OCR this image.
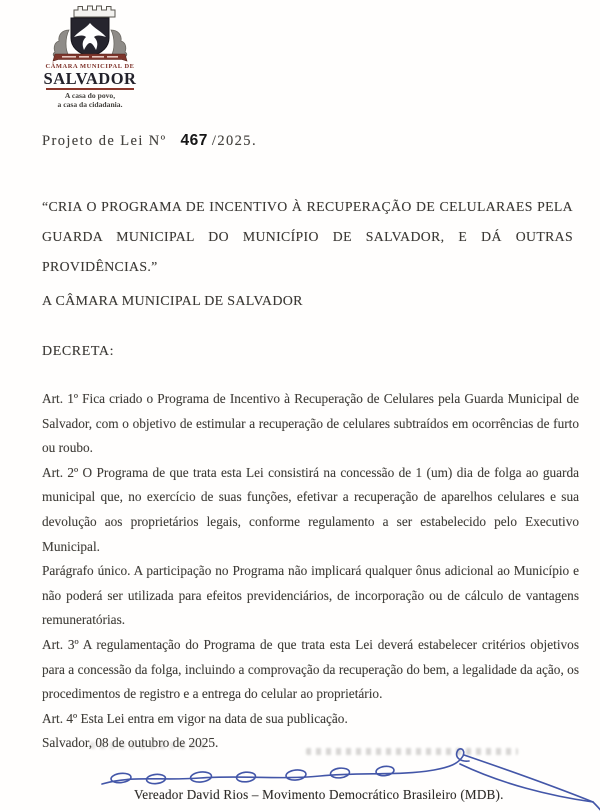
CÂMARA MUNICIPAL DE
SALVADOR
A casa do povo,
a casa da cidadania.
Projeto de Lei Nº 467 /2025.
“CRIA O PROGRAMA DE INCENTIVO À RECUPERAÇÃO DE CELULARAES PELA
GUARDA MUNICIPAL DO MUNICÍPIO DE SALVADOR, E DÁ OUTRAS
PROVIDÊNCIAS.”
A CÂMARA MUNICIPAL DE SALVADOR
DECRETA:

Art. 1º Fica criado o Programa de Incentivo à Recuperação de Celulares pela Guarda Municipal de Salvador, com o objetivo de estimular a recuperação de celulares subtraídos em ocorrências de furto ou roubo.

Art. 2º O Programa de que trata esta Lei consistirá na concessão de 1 (um) dia de folga ao guarda municipal que, no exercício de suas funções, efetivar a recuperação de aparelhos celulares e sua devolução aos proprietários legais, conforme regulamento a ser estabelecido pelo Executivo Municipal.

Parágrafo único. A participação no Programa não implicará qualquer ônus adicional ao Município e não poderá ser utilizada para efeitos previdenciários, de incorporação ou de cálculo de vantagens remuneratórias.

Art. 3º A regulamentação do Programa de que trata esta Lei deverá estabelecer critérios objetivos para a concessão da folga, incluindo a comprovação da recuperação do bem, a legalidade da ação, os procedimentos de registro e a entrega do celular ao proprietário.

Art. 4º Esta Lei entra em vigor na data de sua publicação.

Salvador, 08 de outubro de 2025.

Vereador David Rios – Movimento Democrático Brasileiro (MDB).
